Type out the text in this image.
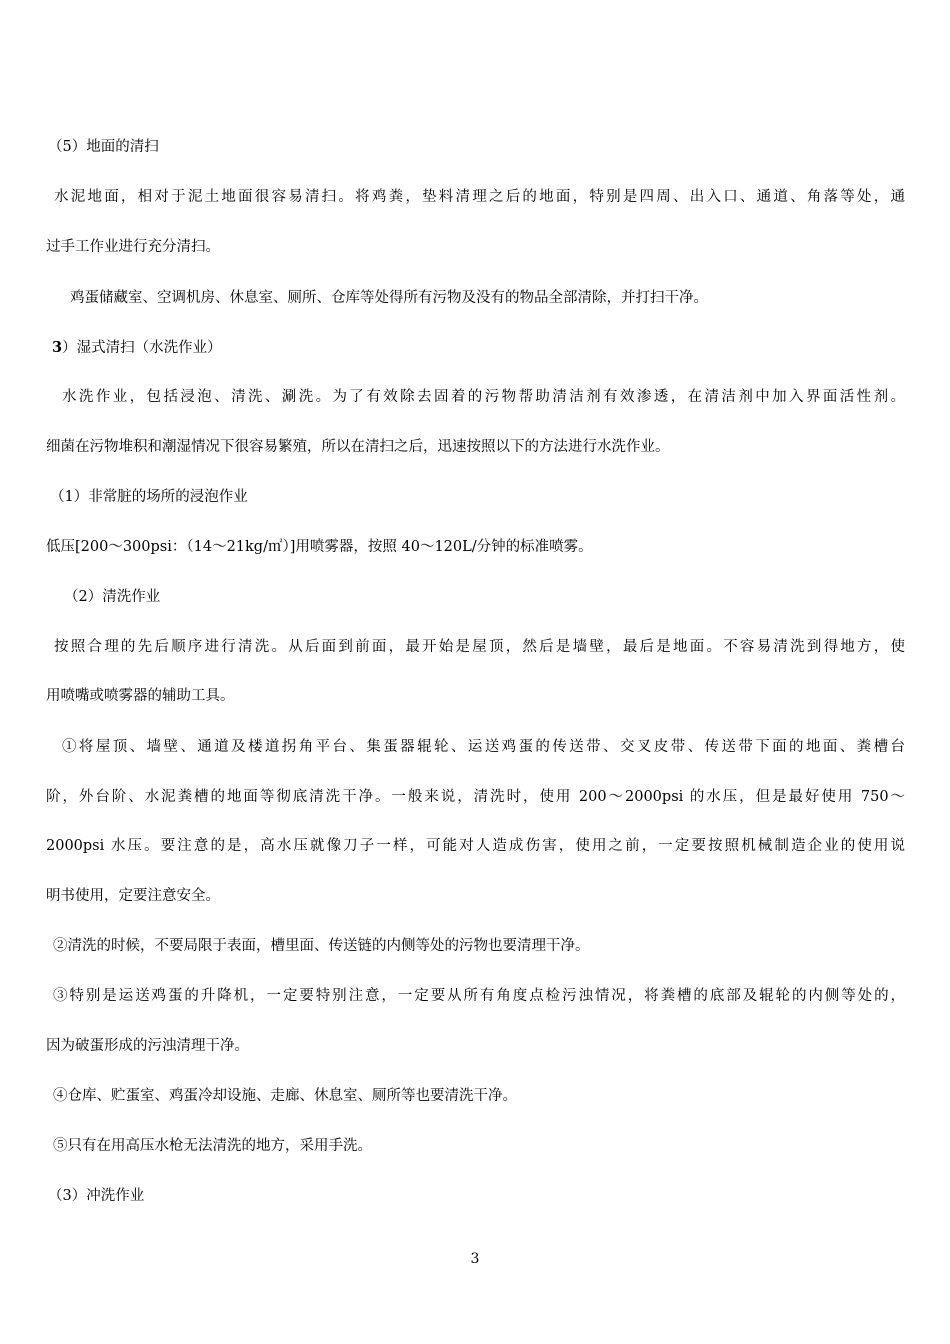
（5）地面的清扫
水泥地面，相对于泥土地面很容易清扫。将鸡粪，垫料清理之后的地面，特别是四周、出入口、通道、角落等处，通
过手工作业进行充分清扫。
鸡蛋储藏室、空调机房、休息室、厕所、仓库等处得所有污物及没有的物品全部清除，并打扫干净。
3）湿式清扫（水洗作业）
水洗作业，包括浸泡、清洗、涮洗。为了有效除去固着的污物帮助清洁剂有效渗透，在清洁剂中加入界面活性剂。
细菌在污物堆积和潮湿情况下很容易繁殖，所以在清扫之后，迅速按照以下的方法进行水洗作业。
（1）非常脏的场所的浸泡作业
低压[200～300psi：（14～21kg/㎡）]用喷雾器，按照 40～120L/分钟的标准喷雾。
（2）清洗作业
按照合理的先后顺序进行清洗。从后面到前面，最开始是屋顶，然后是墙壁，最后是地面。不容易清洗到得地方，使
用喷嘴或喷雾器的辅助工具。
①将屋顶、墙壁、通道及楼道拐角平台、集蛋器辊轮、运送鸡蛋的传送带、交叉皮带、传送带下面的地面、粪槽台
阶，外台阶、水泥粪槽的地面等彻底清洗干净。一般来说，清洗时，使用 200～2000psi 的水压，但是最好使用 750～
2000psi 水压。要注意的是，高水压就像刀子一样，可能对人造成伤害，使用之前，一定要按照机械制造企业的使用说
明书使用，定要注意安全。
②清洗的时候，不要局限于表面，槽里面、传送链的内侧等处的污物也要清理干净。
③特别是运送鸡蛋的升降机，一定要特别注意，一定要从所有角度点检污浊情况，将粪槽的底部及辊轮的内侧等处的，
因为破蛋形成的污浊清理干净。
④仓库、贮蛋室、鸡蛋冷却设施、走廊、休息室、厕所等也要清洗干净。
⑤只有在用高压水枪无法清洗的地方，采用手洗。
（3）冲洗作业
3
